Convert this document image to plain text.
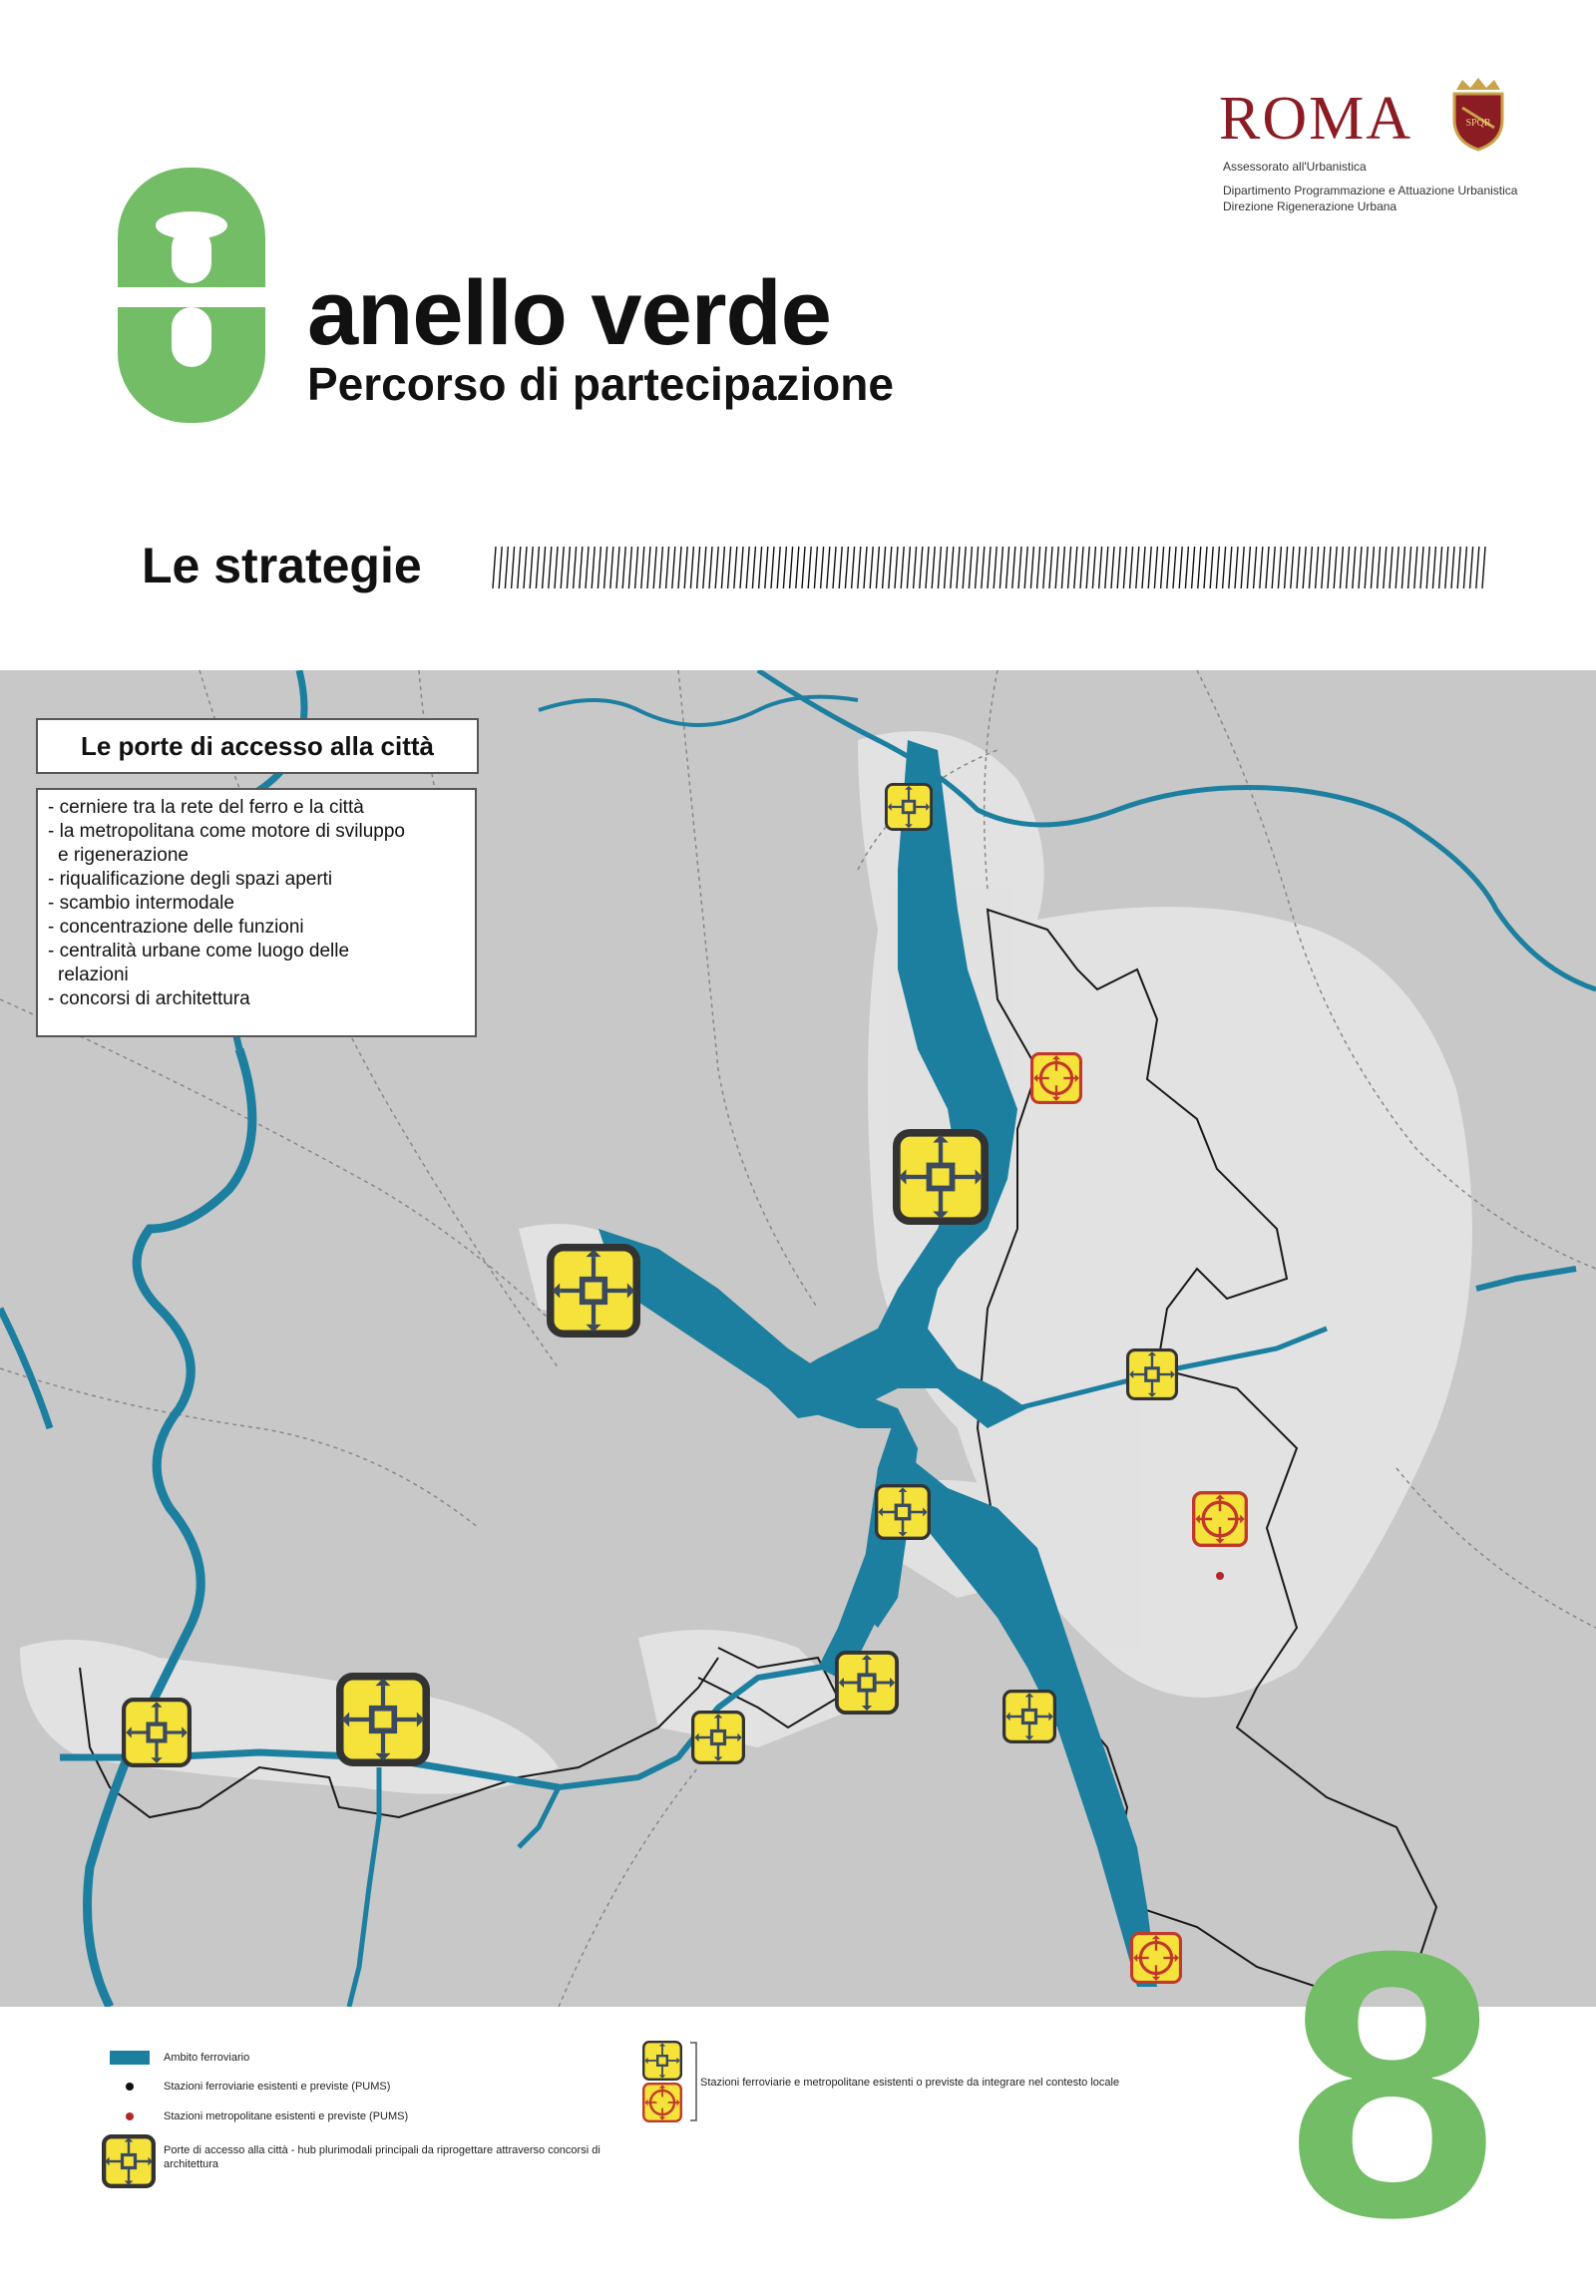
anello verde
Percorso di partecipazione
ROMA	SPQR
Assessorato all'Urbanistica
Dipartimento Programmazione e Attuazione Urbanistica
Direzione Rigenerazione Urbana
Le strategie
Le porte di accesso alla città
- cerniere tra la rete del ferro e la città
- la metropolitana come motore di sviluppo
e rigenerazione
- riqualificazione degli spazi aperti
- scambio intermodale
- concentrazione delle funzioni
- centralità urbane come luogo delle
relazioni
- concorsi di architettura
Ambito ferroviario
Stazioni ferroviarie esistenti e previste (PUMS)
Stazioni metropolitane esistenti e previste (PUMS)
Porte di accesso alla città - hub plurimodali principali da riprogettare attraverso concorsi di
architettura
Stazioni ferroviarie e metropolitane esistenti o previste da integrare nel contesto locale 8
